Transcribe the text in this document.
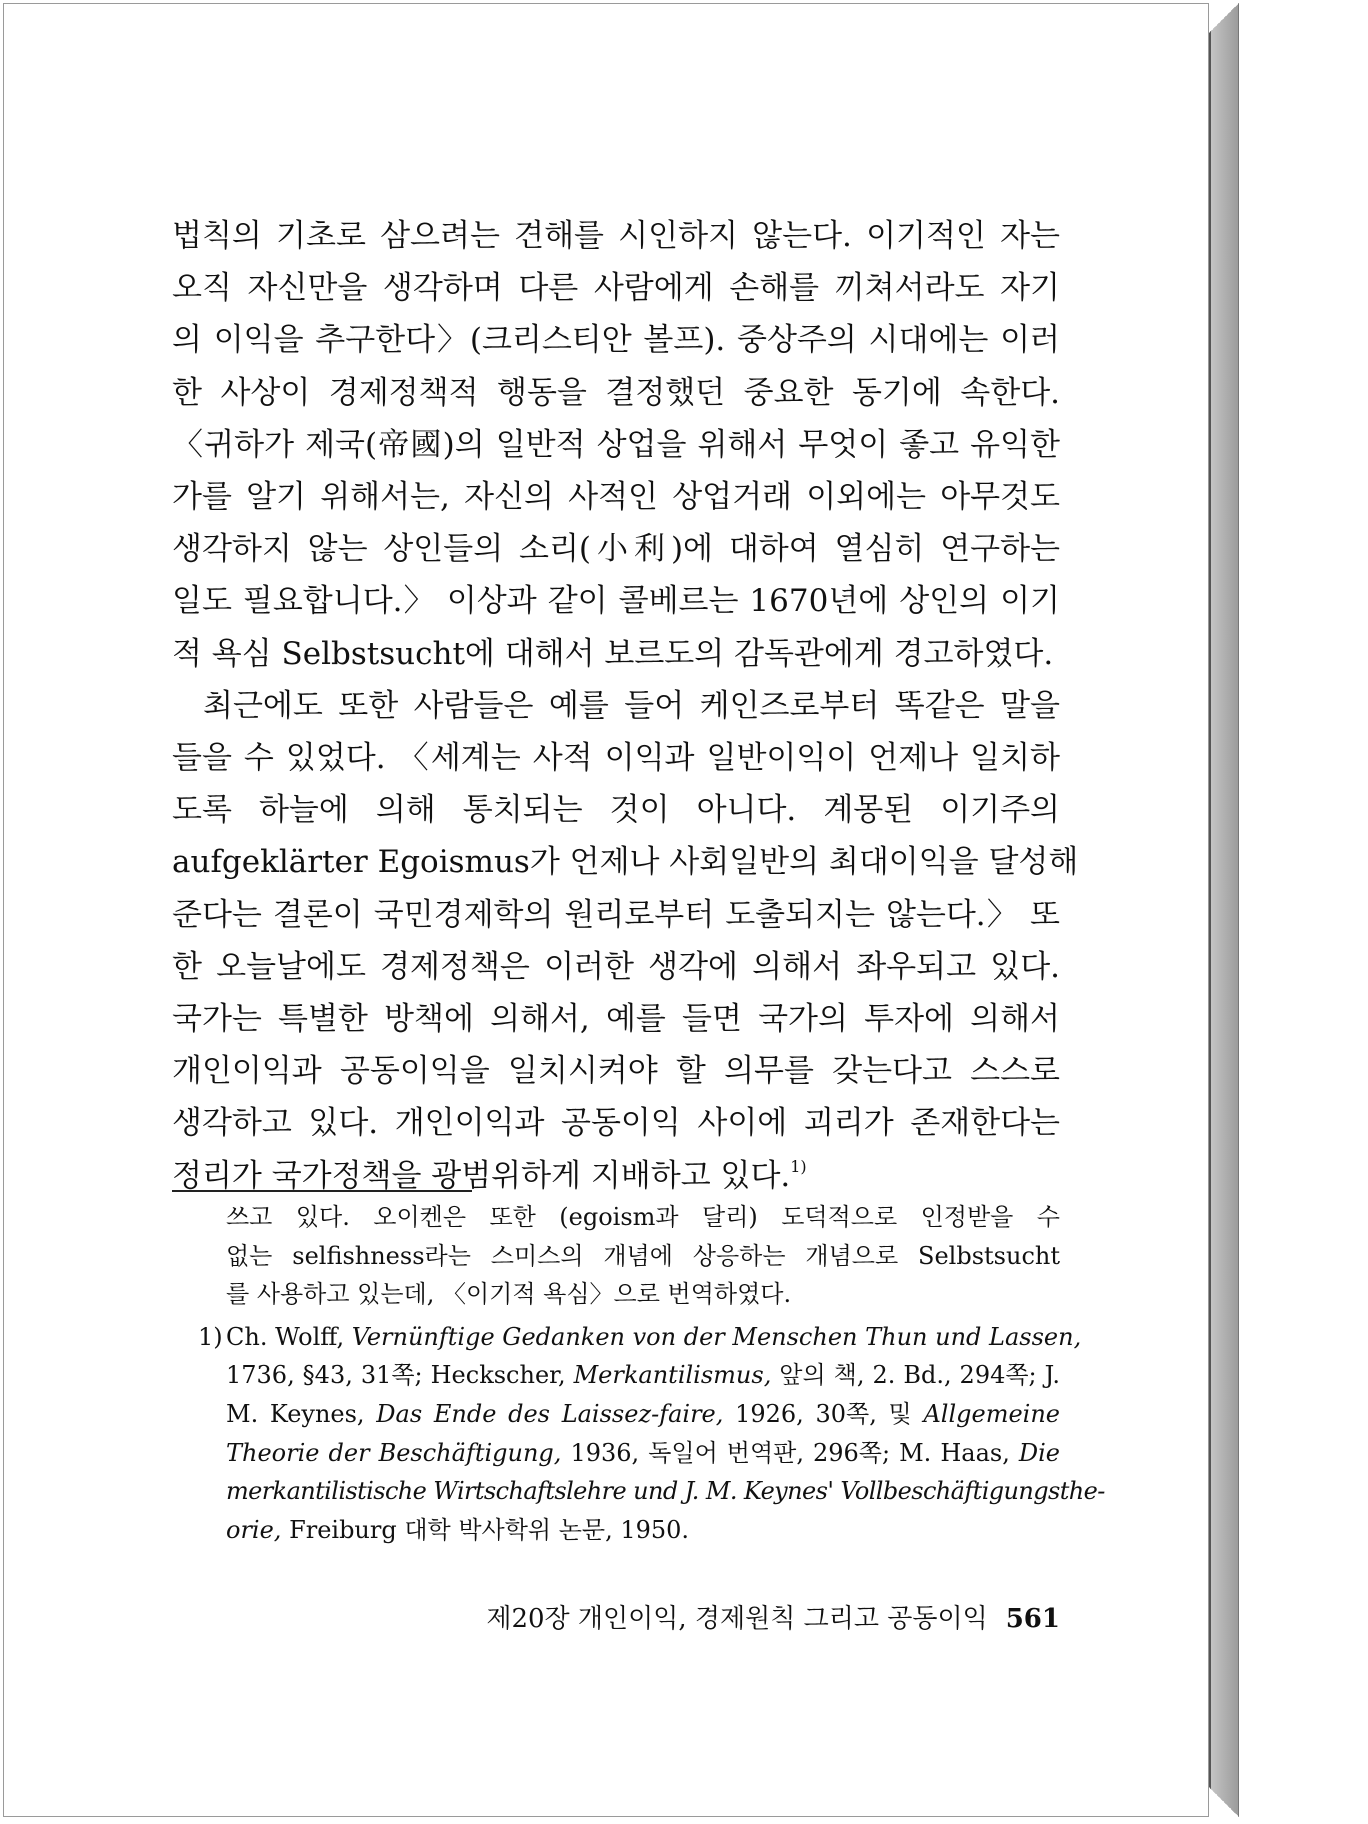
법칙의 기초로 삼으려는 견해를 시인하지 않는다. 이기적인 자는
오직 자신만을 생각하며 다른 사람에게 손해를 끼쳐서라도 자기
의 이익을 추구한다〉(크리스티안 볼프). 중상주의 시대에는 이러
한 사상이 경제정책적 행동을 결정했던 중요한 동기에 속한다.
〈귀하가 제국(帝國)의 일반적 상업을 위해서 무엇이 좋고 유익한
가를 알기 위해서는, 자신의 사적인 상업거래 이외에는 아무것도
생각하지 않는 상인들의 소리(小利)에 대하여 열심히 연구하는
일도 필요합니다.〉 이상과 같이 콜베르는 1670년에 상인의 이기
적 욕심 Selbstsucht에 대해서 보르도의 감독관에게 경고하였다.
최근에도 또한 사람들은 예를 들어 케인즈로부터 똑같은 말을
들을 수 있었다. 〈세계는 사적 이익과 일반이익이 언제나 일치하
도록 하늘에 의해 통치되는 것이 아니다. 계몽된 이기주의
aufgeklärter Egoismus가 언제나 사회일반의 최대이익을 달성해
준다는 결론이 국민경제학의 원리로부터 도출되지는 않는다.〉 또
한 오늘날에도 경제정책은 이러한 생각에 의해서 좌우되고 있다.
국가는 특별한 방책에 의해서, 예를 들면 국가의 투자에 의해서
개인이익과 공동이익을 일치시켜야 할 의무를 갖는다고 스스로
생각하고 있다. 개인이익과 공동이익 사이에 괴리가 존재한다는
정리가 국가정책을 광범위하게 지배하고 있다.$^{1)}$
쓰고 있다. 오이켄은 또한 (egoism과 달리) 도덕적으로 인정받을 수
없는 selfishness라는 스미스의 개념에 상응하는 개념으로 Selbstsucht
를 사용하고 있는데, 〈이기적 욕심〉으로 번역하였다.
1) Ch. Wolff, Vernünftige Gedanken von der Menschen Thun und Lassen,
1736, §43, 31쪽; Heckscher, Merkantilismus, 앞의 책, 2. Bd., 294쪽; J.
M. Keynes, Das Ende des Laissez-faire, 1926, 30쪽, 및 Allgemeine
Theorie der Beschäftigung, 1936, 독일어 번역판, 296쪽; M. Haas, Die
merkantilistische Wirtschaftslehre und J. M. Keynes' Vollbeschäftigungsthe-
orie, Freiburg 대학 박사학위 논문, 1950.
제20장 개인이익, 경제원칙 그리고 공동이익 561
